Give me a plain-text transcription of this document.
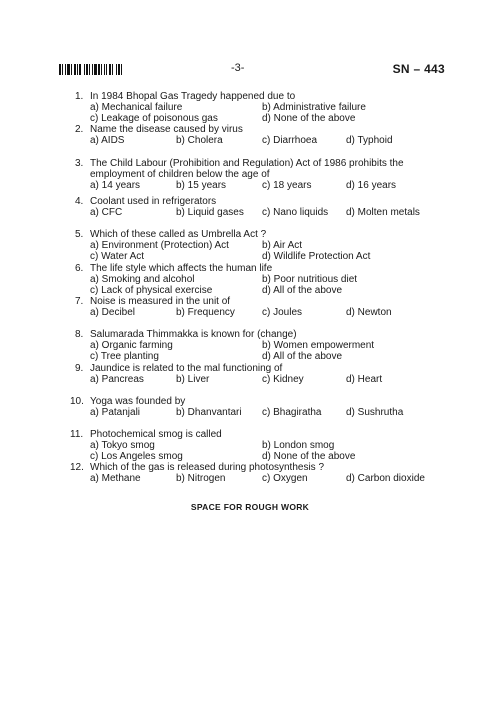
-3-	SN – 443
1. In 1984 Bhopal Gas Tragedy happened due to
a) Mechanical failure	b) Administrative failure
c) Leakage of poisonous gas	d) None of the above
2. Name the disease caused by virus
a) AIDS	b) Cholera	c) Diarrhoea	d) Typhoid
3. The Child Labour (Prohibition and Regulation) Act of 1986 prohibits the
employment of children below the age of
a) 14 years	b) 15 years	c) 18 years	d) 16 years
4. Coolant used in refrigerators
a) CFC	b) Liquid gases c) Nano liquids d) Molten metals
5. Which of these called as Umbrella Act ?
a) Environment (Protection) Act	b) Air Act
c) Water Act	d) Wildlife Protection Act
6. The life style which affects the human life
a) Smoking and alcohol	b) Poor nutritious diet
c) Lack of physical exercise	d) All of the above
7. Noise is measured in the unit of
a) Decibel	b) Frequency	c) Joules	d) Newton
8. Salumarada Thimmakka is known for (change)
a) Organic farming	b) Women empowerment
c) Tree planting	d) All of the above
9. Jaundice is related to the mal functioning of
a) Pancreas	b) Liver	c) Kidney	d) Heart
10. Yoga was founded by
a) Patanjali	b) Dhanvantari c) Bhagiratha d) Sushrutha
11. Photochemical smog is called
a) Tokyo smog	b) London smog
c) Los Angeles smog	d) None of the above
12. Which of the gas is released during photosynthesis ?
a) Methane	b) Nitrogen	c) Oxygen	d) Carbon dioxide
SPACE FOR ROUGH WORK
